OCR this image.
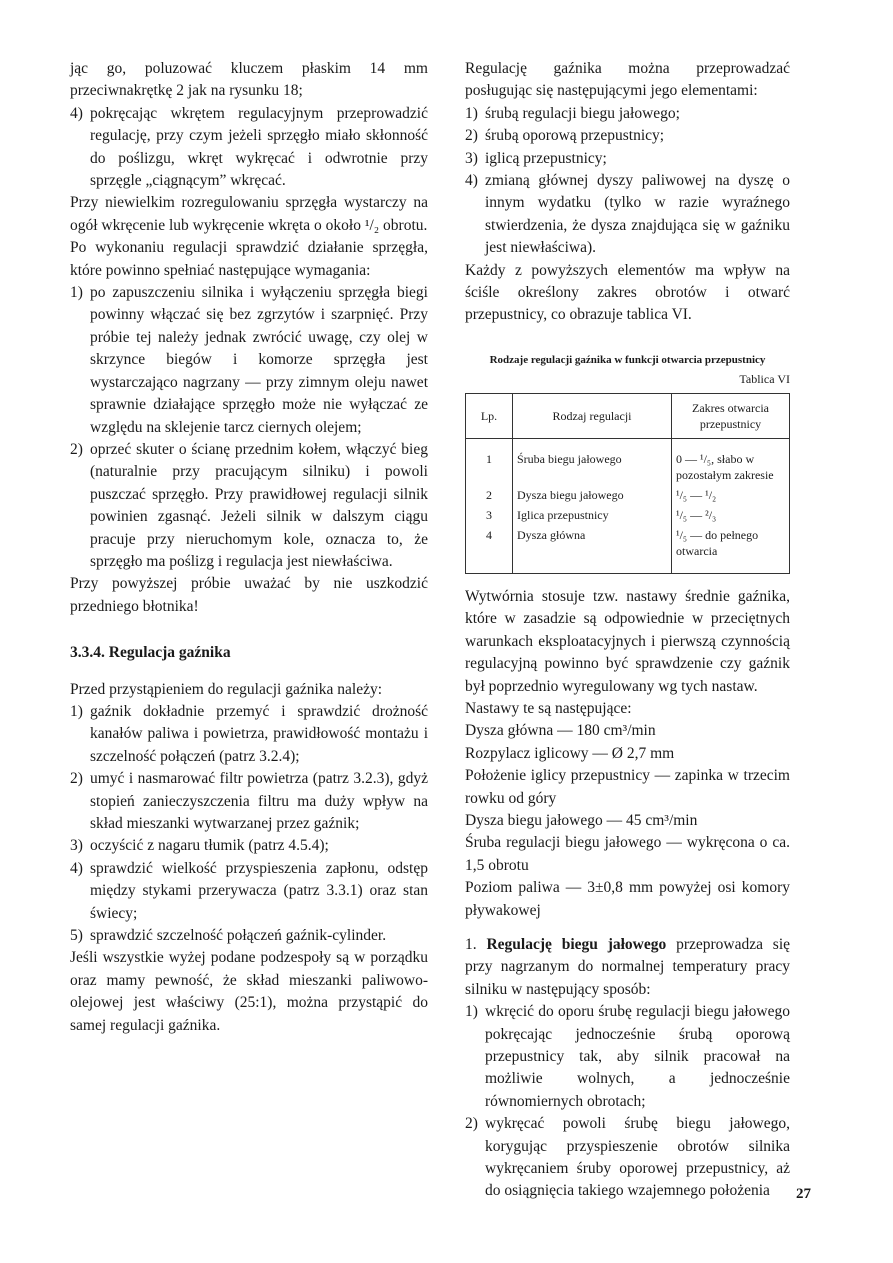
jąc go, poluzować kluczem płaskim 14 mm przeciwnakrętkę 2 jak na rysunku 18;

4) pokręcając wkrętem regulacyjnym przeprowadzić regulację, przy czym jeżeli sprzęgło miało skłonność do poślizgu, wkręt wykręcać i odwrotnie przy sprzęgle „ciągnącym” wkręcać.

Przy niewielkim rozregulowaniu sprzęgła wystarczy na ogół wkręcenie lub wykręcenie wkręta o około ¹/₂ obrotu.

Po wykonaniu regulacji sprawdzić działanie sprzęgła, które powinno spełniać następujące wymagania:

1) po zapuszczeniu silnika i wyłączeniu sprzęgła biegi powinny włączać się bez zgrzytów i szarpnięć. Przy próbie tej należy jednak zwrócić uwagę, czy olej w skrzynce biegów i komorze sprzęgła jest wystarczająco nagrzany — przy zimnym oleju nawet sprawnie działające sprzęgło może nie wyłączać ze względu na sklejenie tarcz ciernych olejem;
2) oprzeć skuter o ścianę przednim kołem, włączyć bieg (naturalnie przy pracującym silniku) i powoli puszczać sprzęgło. Przy prawidłowej regulacji silnik powinien zgasnąć. Jeżeli silnik w dalszym ciągu pracuje przy nieruchomym kole, oznacza to, że sprzęgło ma poślizg i regulacja jest niewłaściwa.

Przy powyższej próbie uważać by nie uszkodzić przedniego błotnika!

3.3.4. Regulacja gaźnika

Przed przystąpieniem do regulacji gaźnika należy:

1) gaźnik dokładnie przemyć i sprawdzić drożność kanałów paliwa i powietrza, prawidłowość montażu i szczelność połączeń (patrz 3.2.4);
2) umyć i nasmarować filtr powietrza (patrz 3.2.3), gdyż stopień zanieczyszczenia filtru ma duży wpływ na skład mieszanki wytwarzanej przez gaźnik;
3) oczyścić z nagaru tłumik (patrz 4.5.4);
4) sprawdzić wielkość przyspieszenia zapłonu, odstęp między stykami przerywacza (patrz 3.3.1) oraz stan świecy;
5) sprawdzić szczelność połączeń gaźnik-cylinder.

Jeśli wszystkie wyżej podane podzespoły są w porządku oraz mamy pewność, że skład mieszanki paliwowo-olejowej jest właściwy (25:1), można przystąpić do samej regulacji gaźnika.

Regulację gaźnika można przeprowadzać posługując się następującymi jego elementami:

1) śrubą regulacji biegu jałowego;
2) śrubą oporową przepustnicy;
3) iglicą przepustnicy;
4) zmianą głównej dyszy paliwowej na dyszę o innym wydatku (tylko w razie wyraźnego stwierdzenia, że dysza znajdująca się w gaźniku jest niewłaściwa).

Każdy z powyższych elementów ma wpływ na ściśle określony zakres obrotów i otwarć przepustnicy, co obrazuje tablica VI.

Rodzaje regulacji gaźnika w funkcji otwarcia przepustnicy
Tablica VI
Lp.	Rodzaj regulacji	Zakres otwarcia przepustnicy
1	Śruba biegu jałowego	0 — ¹/₅, słabo w pozostałym zakresie
2	Dysza biegu jałowego	¹/₅ — ¹/₂
3	Iglica przepustnicy	¹/₅ — ²/₃
4	Dysza główna	¹/₅ — do pełnego otwarcia

Wytwórnia stosuje tzw. nastawy średnie gaźnika, które w zasadzie są odpowiednie w przeciętnych warunkach eksploatacyjnych i pierwszą czynnością regulacyjną powinno być sprawdzenie czy gaźnik był poprzednio wyregulowany wg tych nastaw.

Nastawy te są następujące:

Dysza główna — 180 cm³/min

Rozpylacz iglicowy — Ø 2,7 mm

Położenie iglicy przepustnicy — zapinka w trzecim rowku od góry

Dysza biegu jałowego — 45 cm³/min

Śruba regulacji biegu jałowego — wykręcona o ca. 1,5 obrotu

Poziom paliwa — 3±0,8 mm powyżej osi komory pływakowej

1. Regulację biegu jałowego przeprowadza się przy nagrzanym do normalnej temperatury pracy silniku w następujący sposób:

1) wkręcić do oporu śrubę regulacji biegu jałowego pokręcając jednocześnie śrubą oporową przepustnicy tak, aby silnik pracował na możliwie wolnych, a jednocześnie równomiernych obrotach;
2) wykręcać powoli śrubę biegu jałowego, korygując przyspieszenie obrotów silnika wykręcaniem śruby oporowej przepustnicy, aż do osiągnięcia takiego wzajemnego położenia	27
